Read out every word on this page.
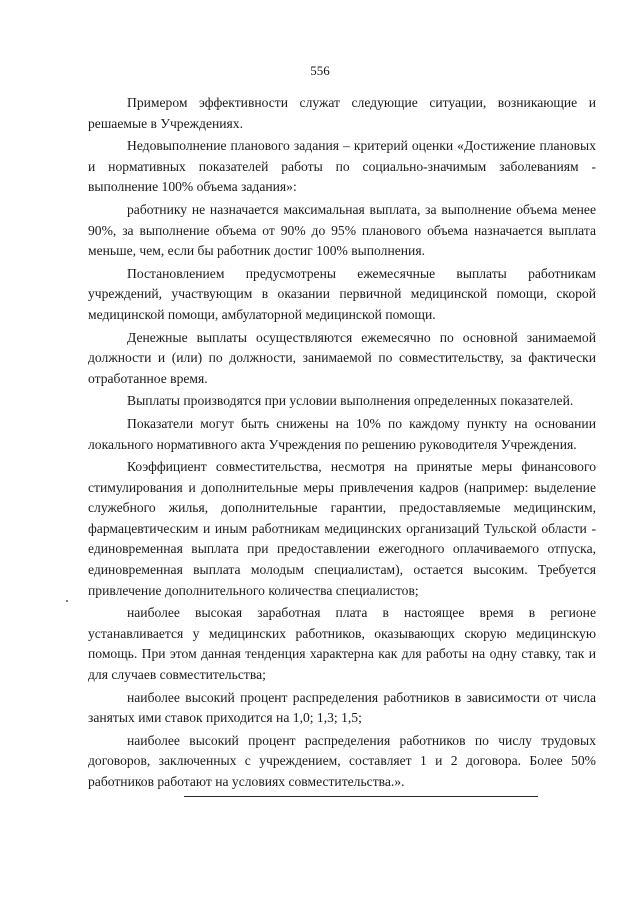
556

Примером эффективности служат следующие ситуации, возникающие и решаемые в Учреждениях.

Недовыполнение планового задания – критерий оценки «Достижение плановых и нормативных показателей работы по социально-значимым заболеваниям - выполнение 100% объема задания»:

работнику не назначается максимальная выплата, за выполнение объема менее 90%, за выполнение объема от 90% до 95% планового объема назначается выплата меньше, чем, если бы работник достиг 100% выполнения.

Постановлением предусмотрены ежемесячные выплаты работникам учреждений, участвующим в оказании первичной медицинской помощи, скорой медицинской помощи, амбулаторной медицинской помощи.

Денежные выплаты осуществляются ежемесячно по основной занимаемой должности и (или) по должности, занимаемой по совместительству, за фактически отработанное время.

Выплаты производятся при условии выполнения определенных показателей.

Показатели могут быть снижены на 10% по каждому пункту на основании локального нормативного акта Учреждения по решению руководителя Учреждения.

Коэффициент совместительства, несмотря на принятые меры финансового стимулирования и дополнительные меры привлечения кадров (например: выделение служебного жилья, дополнительные гарантии, предоставляемые медицинским, фармацевтическим и иным работникам медицинских организаций Тульской области - единовременная выплата при предоставлении ежегодного оплачиваемого отпуска, единовременная выплата молодым специалистам), остается высоким. Требуется привлечение дополнительного количества специалистов;

наиболее высокая заработная плата в настоящее время в регионе устанавливается у медицинских работников, оказывающих скорую медицинскую помощь. При этом данная тенденция характерна как для работы на одну ставку, так и для случаев совместительства;

наиболее высокий процент распределения работников в зависимости от числа занятых ими ставок приходится на 1,0; 1,3; 1,5;

наиболее высокий процент распределения работников по числу трудовых договоров, заключенных с учреждением, составляет 1 и 2 договора. Более 50% работников работают на условиях совместительства.».
